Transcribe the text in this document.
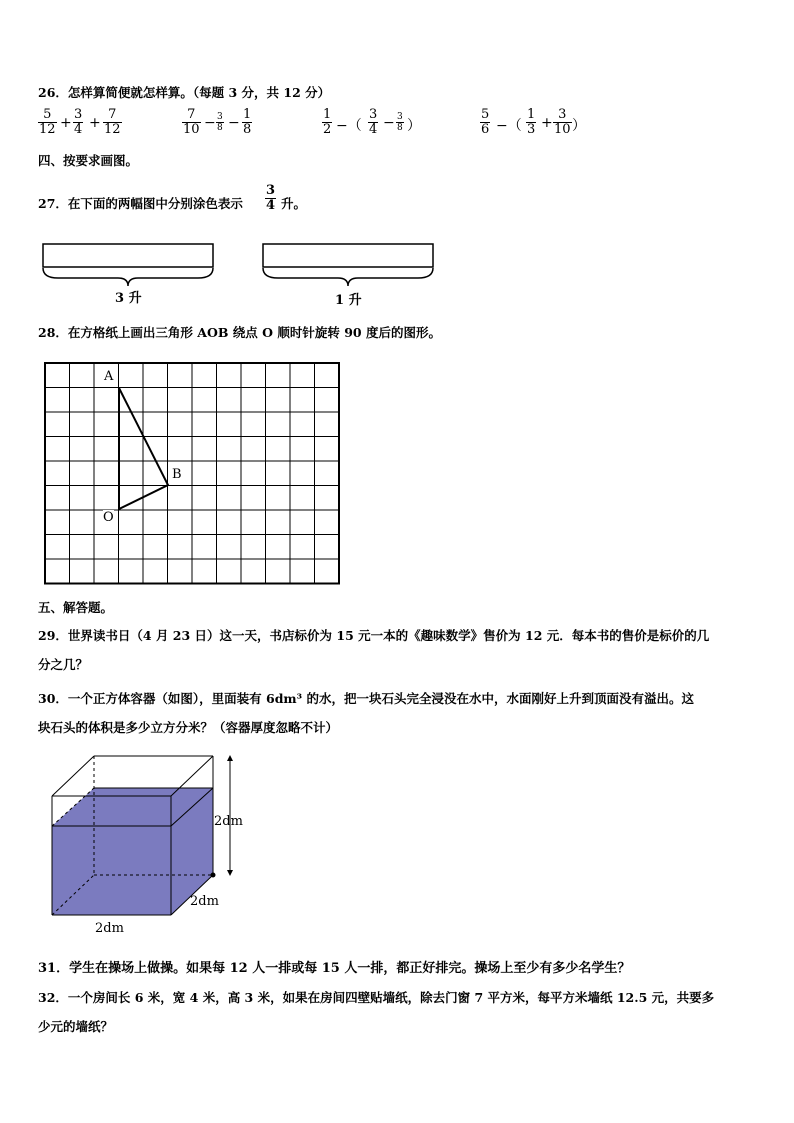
26．怎样算简便就怎样算。（每题 3 分，共 12 分）
$\frac{5}{12} + \frac{3}{4} + \frac{7}{12}$	$\frac{7}{10} - \frac{3}{8} - \frac{1}{8}$	$\frac{1}{2}$ −（ $\frac{3}{4} - \frac{3}{8}$ ）	$\frac{5}{6}$ −（ $\frac{1}{3} + \frac{3}{10}$ ）
四、按要求画图。
27．在下面的两幅图中分别涂色表示 $\frac{3}{4}$ 升。
3 升	1 升
28．在方格纸上画出三角形 AOB 绕点 O 顺时针旋转 90 度后的图形。
A
B
O
五、解答题。
29．世界读书日（4 月 23 日）这一天，书店标价为 15 元一本的《趣味数学》售价为 12 元．每本书的售价是标价的几
分之几？
30．一个正方体容器（如图），里面装有 6dm³ 的水，把一块石头完全浸没在水中，水面刚好上升到顶面没有溢出。这
块石头的体积是多少立方分米？（容器厚度忽略不计）
2dm
2dm
2dm
31．学生在操场上做操。如果每 12 人一排或每 15 人一排，都正好排完。操场上至少有多少名学生？
32．一个房间长 6 米，宽 4 米，高 3 米，如果在房间四壁贴墙纸，除去门窗 7 平方米，每平方米墙纸 12.5 元，共要多
少元的墙纸？
